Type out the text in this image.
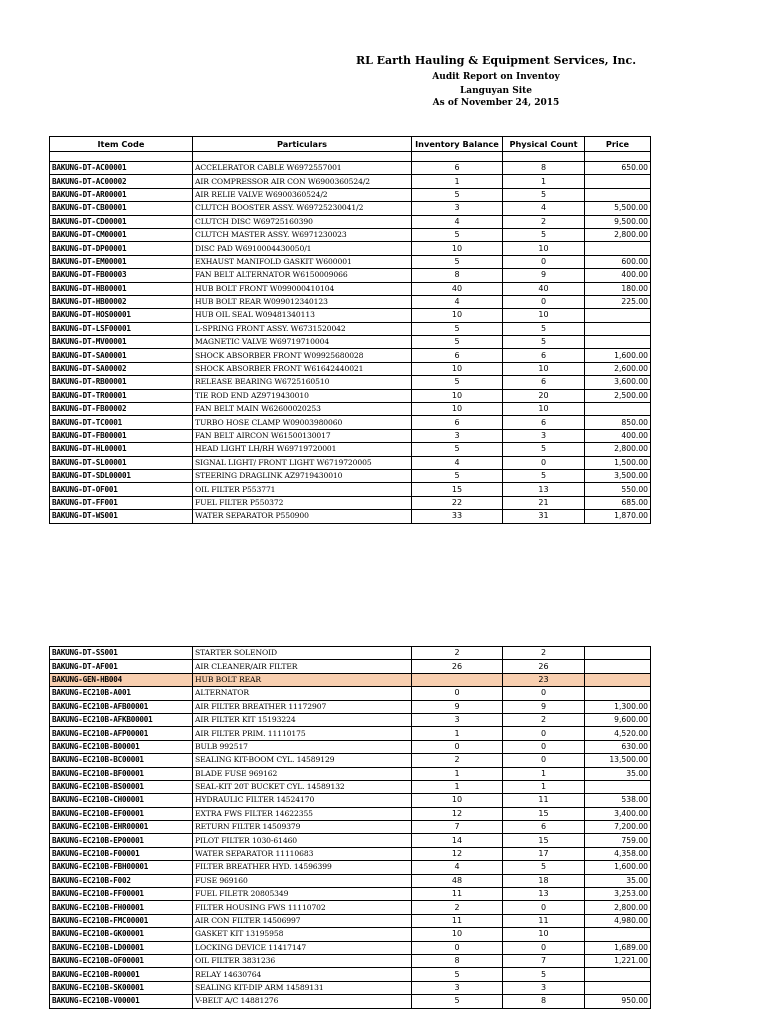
RL Earth Hauling & Equipment Services, Inc.
Audit Report on Inventoy
Languyan Site
As of November 24, 2015
Item Code	Particulars	Inventory Balance	Physical Count	Price

BAKUNG-DT-AC00001	ACCELERATOR CABLE W6972557001	6	8	650.00
BAKUNG-DT-AC00002	AIR COMPRESSOR AIR CON W6900360524/2	1	1	
BAKUNG-DT-AR00001	AIR RELIE VALVE W6900360524/2	5	5	
BAKUNG-DT-CB00001	CLUTCH BOOSTER ASSY. W69725230041/2	3	4	5,500.00
BAKUNG-DT-CD00001	CLUTCH DISC W69725160390	4	2	9,500.00
BAKUNG-DT-CM00001	CLUTCH MASTER ASSY. W6971230023	5	5	2,800.00
BAKUNG-DT-DP00001	DISC PAD W6910004430050/1	10	10	
BAKUNG-DT-EM00001	EXHAUST MANIFOLD GASKIT W600001	5	0	600.00
BAKUNG-DT-FB00003	FAN BELT ALTERNATOR W6150009066	8	9	400.00
BAKUNG-DT-HB00001	HUB BOLT FRONT W099000410104	40	40	180.00
BAKUNG-DT-HB00002	HUB BOLT REAR W099012340123	4	0	225.00
BAKUNG-DT-HOS00001	HUB OIL SEAL W09481340113	10	10	
BAKUNG-DT-LSF00001	L-SPRING FRONT ASSY. W6731520042	5	5	
BAKUNG-DT-MV00001	MAGNETIC VALVE W69719710004	5	5	
BAKUNG-DT-SA00001	SHOCK ABSORBER FRONT W09925680028	6	6	1,600.00
BAKUNG-DT-SA00002	SHOCK ABSORBER FRONT W61642440021	10	10	2,600.00
BAKUNG-DT-RB00001	RELEASE BEARING W6725160510	5	6	3,600.00
BAKUNG-DT-TR00001	TIE ROD END AZ9719430010	10	20	2,500.00
BAKUNG-DT-FB00002	FAN BELT MAIN W62600020253	10	10	
BAKUNG-DT-TC0001	TURBO HOSE CLAMP W09003980060	6	6	850.00
BAKUNG-DT-FB00001	FAN BELT AIRCON W61500130017	3	3	400.00
BAKUNG-DT-HL00001	HEAD LIGHT LH/RH W69719720001	5	5	2,800.00
BAKUNG-DT-SL00001	SIGNAL LIGHT/ FRONT LIGHT W6719720005	4	0	1,500.00
BAKUNG-DT-SDL00001	STEERING DRAGLINK AZ9719430010	5	5	3,500.00
BAKUNG-DT-OF001	OIL FILTER P553771	15	13	550.00
BAKUNG-DT-FF001	FUEL FILTER P550372	22	21	685.00
BAKUNG-DT-WS001	WATER SEPARATOR P550900	33	31	1,870.00
BAKUNG-DT-SS001	STARTER SOLENOID	2	2	
BAKUNG-DT-AF001	AIR CLEANER/AIR FILTER	26	26	
BAKUNG-GEN-HB004	HUB BOLT REAR		23	
BAKUNG-EC210B-A001	ALTERNATOR	0	0	
BAKUNG-EC210B-AFB00001	AIR FILTER BREATHER 11172907	9	9	1,300.00
BAKUNG-EC210B-AFKB00001	AIR FILTER KIT 15193224	3	2	9,600.00
BAKUNG-EC210B-AFP00001	AIR FILTER PRIM. 11110175	1	0	4,520.00
BAKUNG-EC210B-B00001	BULB 992517	0	0	630.00
BAKUNG-EC210B-BC00001	SEALING KIT-BOOM CYL. 14589129	2	0	13,500.00
BAKUNG-EC210B-BF00001	BLADE FUSE 969162	1	1	35.00
BAKUNG-EC210B-BS00001	SEAL-KIT 20T BUCKET CYL. 14589132	1	1	
BAKUNG-EC210B-CH00001	HYDRAULIC FILTER 14524170	10	11	538.00
BAKUNG-EC210B-EF00001	EXTRA FWS FILTER 14622355	12	15	3,400.00
BAKUNG-EC210B-EHR00001	RETURN FILTER 14509379	7	6	7,200.00
BAKUNG-EC210B-EP00001	PILOT FILTER 1030-61460	14	15	759.00
BAKUNG-EC210B-F00001	WATER SEPARATOR 11110683	12	17	4,358.00
BAKUNG-EC210B-FBH00001	FILTER BREATHER HYD. 14596399	4	5	1,600.00
BAKUNG-EC210B-F002	FUSE 969160	48	18	35.00
BAKUNG-EC210B-FF00001	FUEL FILETR 20805349	11	13	3,253.00
BAKUNG-EC210B-FH00001	FILTER HOUSING FWS 11110702	2	0	2,800.00
BAKUNG-EC210B-FMC00001	AIR CON FILTER 14506997	11	11	4,980.00
BAKUNG-EC210B-GK00001	GASKET KIT 13195958	10	10	
BAKUNG-EC210B-LD00001	LOCKING DEVICE 11417147	0	0	1,689.00
BAKUNG-EC210B-OF00001	OIL FILTER 3831236	8	7	1,221.00
BAKUNG-EC210B-R00001	RELAY 14630764	5	5	
BAKUNG-EC210B-SK00001	SEALING KIT-DIP ARM 14589131	3	3	
BAKUNG-EC210B-V00001	V-BELT A/C 14881276	5	8	950.00
